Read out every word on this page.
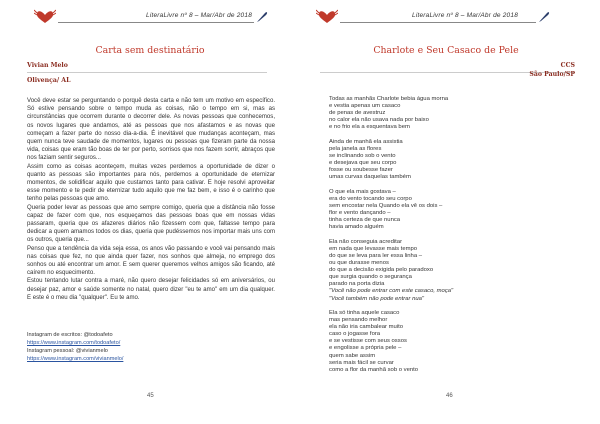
LiteraLivre nº 8 – Mar/Abr de 2018
Carta sem destinatário
Vivian Melo
Olivença/ AL

Você deve estar se perguntando o porquê desta carta e não tem um motivo em específico. Só estive pensando sobre o tempo muda as coisas, não o tempo em si, mas as circunstâncias que ocorrem durante o decorrer dele. As novas pessoas que conhecemos, os novos lugares que andamos, até as pessoas que nos afastamos e as novas que começam a fazer parte do nosso dia-a-dia. É inevitável que mudanças aconteçam, mas quem nunca teve saudade de momentos, lugares ou pessoas que fizeram parte da nossa vida, coisas que eram tão boas de ter por perto, sorrisos que nos fazem sorrir, abraços que nos faziam sentir seguros...

Assim como as coisas aconteçem, muitas vezes perdemos a oportunidade de dizer o quanto as pessoas são importantes para nós, perdemos a oportunidade de eternizar momentos, de solidificar aquilo que custamos tanto para cativar. E hoje resolvi aproveitar esse momento e te pedir de eternizar tudo aquilo que me faz bem, e isso é o carinho que tenho pelas pessoas que amo.

Queria poder levar as pessoas que amo sempre comigo, queria que a distância não fosse capaz de fazer com que, nos esqueçamos das pessoas boas que em nossas vidas passaram, queria que os afazeres diários não fizessem com que, faltasse tempo para dedicar a quem amamos todos os dias, queria que pudéssemos nos importar mais uns com os outros, queria que...

Penso que a tendência da vida seja essa, os anos vão passando e você vai pensando mais nas coisas que fez, no que ainda quer fazer, nos sonhos que almeja, no emprego dos sonhos ou até encontrar um amor. E sem querer queremos velhos amigos são ficando, até caírem no esquecimento.

Estou tentando lutar contra a maré, não quero desejar felicidades só em aniversários, ou desejar paz, amor e saúde somente no natal, quero dizer "eu te amo" em um dia qualquer. E este é o meu dia "qualquer". Eu te amo.

Instagram de escritos: @todoafeto
https://www.instagram.com/todoafeto/
Instagram pessoal: @vivianmelo
https://www.instagram.com/vivianmelo/
45
LiteraLivre nº 8 – Mar/Abr de 2018
Charlote e Seu Casaco de Pele
CCS
São Paulo/SP
Todas as manhãs Charlote bebia água morna
e vestia apenas um casaco
de penas de avestruz
no calor ela não usava nada por baixo
e no frio ela a esquentava bem
Ainda de manhã ela assistia
pela janela as flores
se inclinando sob o vento
e desejava que seu corpo
fosse ou soubesse fazer
umas curvas daquelas também
O que ela mais gostava –
era do vento tocando seu corpo
sem encostar nela Quando ela vê os dois –
flor e vento dançando –
tinha certeza de que nunca
havia amado alguém
Ela não conseguia acreditar
em nada que levasse mais tempo
do que se leva para ler essa linha –
ou que durasse menos
do que a decisão exigida pelo paradoxo
que surgia quando o segurança
parado na porta dizia
"Você não pode entrar com este casaco, moça"
"Você também não pode entrar nua"
Ela só tinha aquele casaco
mas pensando melhor
ela não iria cambalear muito
caso o jogasse fora
e se vestisse com seus ossos
e engolisse a própria pele –
quem sabe assim
seria mais fácil se curvar
como a flor da manhã sob o vento
46
